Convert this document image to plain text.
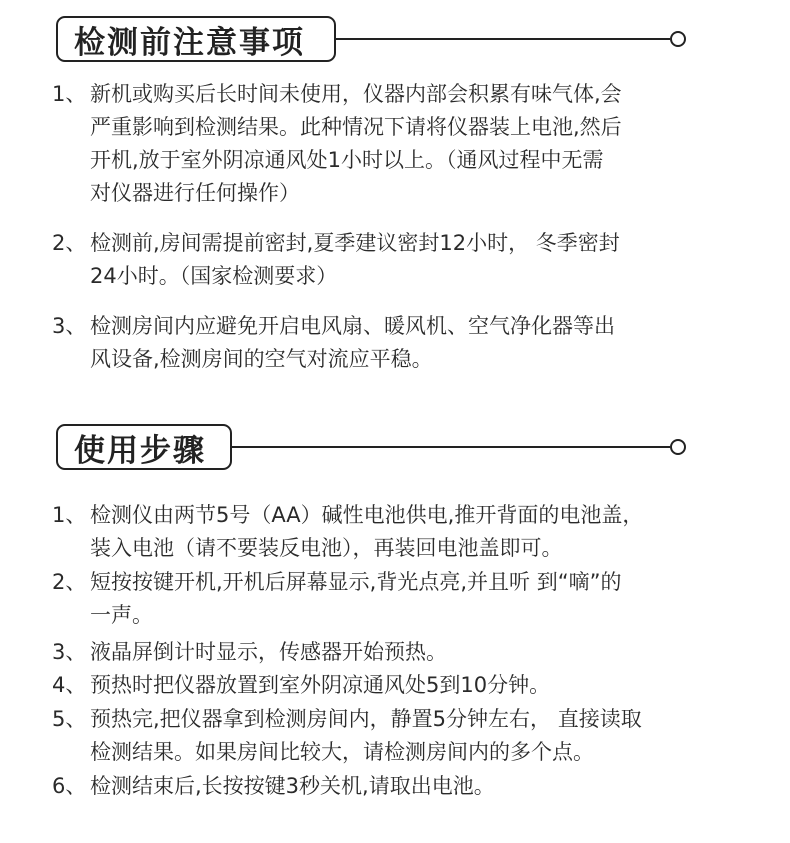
检测前注意事项
1、 新机或购买后长时间未使用，仪器内部会积累有味气体,会
严重影响到检测结果。此种情况下请将仪器装上电池,然后
开机,放于室外阴凉通风处1小时以上。（通风过程中无需
对仪器进行任何操作）
2、 检测前,房间需提前密封,夏季建议密封12小时， 冬季密封
24小时。（国家检测要求）
3、 检测房间内应避免开启电风扇、暖风机、空气净化器等出
风设备,检测房间的空气对流应平稳。
使用步骤
1、 检测仪由两节5号（AA）碱性电池供电,推开背面的电池盖，
装入电池（请不要装反电池），再装回电池盖即可。
2、 短按按键开机,开机后屏幕显示,背光点亮,并且听 到“嘀”的
一声。
3、 液晶屏倒计时显示，传感器开始预热。
4、 预热时把仪器放置到室外阴凉通风处5到10分钟。
5、 预热完,把仪器拿到检测房间内，静置5分钟左右， 直接读取
检测结果。如果房间比较大，请检测房间内的多个点。
6、 检测结束后,长按按键3秒关机,请取出电池。
